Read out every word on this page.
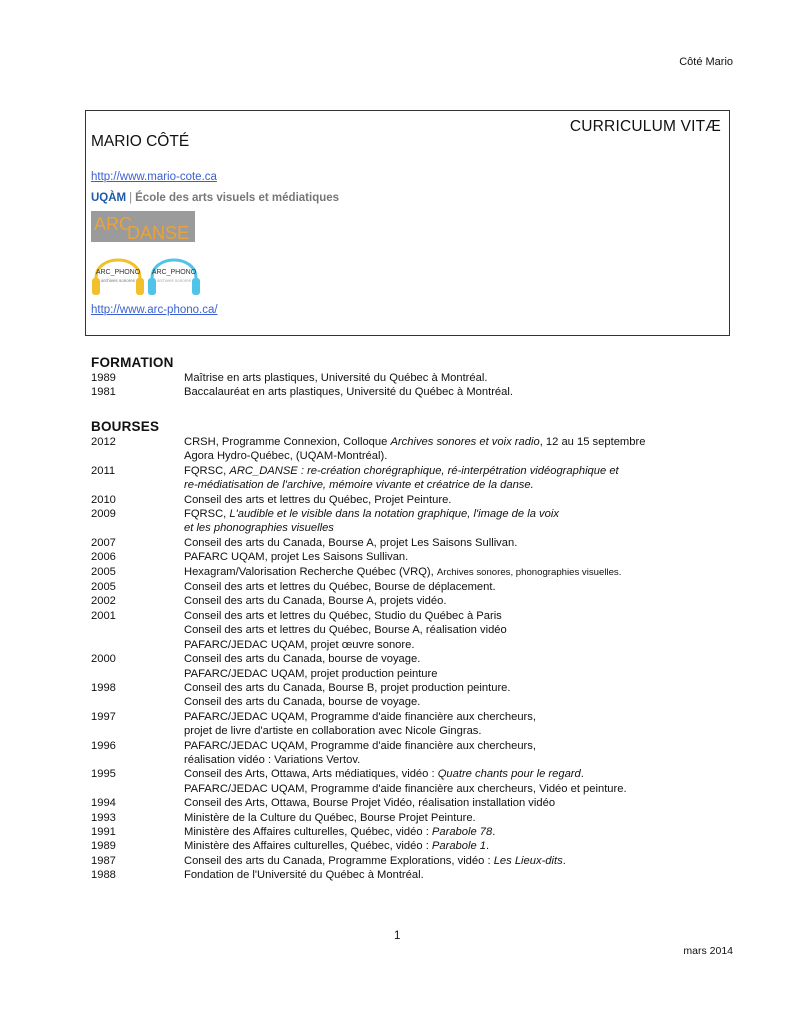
Côté Mario
CURRICULUM VITÆ
MARIO CÔTÉ
http://www.mario-cote.ca
UQÀM | École des arts visuels et médiatiques
ARC
DANSE
ARC_PHONO
archives sonores
ARC_PHONO
archives sonores
http://www.arc-phono.ca/
FORMATION
1989	Maîtrise en arts plastiques, Université du Québec à Montréal.
1981	Baccalauréat en arts plastiques, Université du Québec à Montréal.
BOURSES
2012	CRSH, Programme Connexion, Colloque Archives sonores et voix radio, 12 au 15 septembre
Agora Hydro-Québec, (UQAM-Montréal).
2011	FQRSC, ARC_DANSE : re-création chorégraphique, ré-interpétration vidéographique et
re-médiatisation de l'archive, mémoire vivante et créatrice de la danse.
2010	Conseil des arts et lettres du Québec, Projet Peinture.
2009	FQRSC, L'audible et le visible dans la notation graphique, l'image de la voix
et les phonographies visuelles
2007	Conseil des arts du Canada, Bourse A, projet Les Saisons Sullivan.
2006	PAFARC UQAM, projet Les Saisons Sullivan.
2005	Hexagram/Valorisation Recherche Québec (VRQ), Archives sonores, phonographies visuelles.
2005	Conseil des arts et lettres du Québec, Bourse de déplacement.
2002	Conseil des arts du Canada, Bourse A, projets vidéo.
2001	Conseil des arts et lettres du Québec, Studio du Québec à Paris
Conseil des arts et lettres du Québec, Bourse A, réalisation vidéo
PAFARC/JEDAC UQAM, projet œuvre sonore.
2000	Conseil des arts du Canada, bourse de voyage.
PAFARC/JEDAC UQAM, projet production peinture
1998	Conseil des arts du Canada, Bourse B, projet production peinture.
Conseil des arts du Canada, bourse de voyage.
1997	PAFARC/JEDAC UQAM, Programme d'aide financière aux chercheurs,
projet de livre d'artiste en collaboration avec Nicole Gingras.
1996	PAFARC/JEDAC UQAM, Programme d'aide financière aux chercheurs,
réalisation vidéo : Variations Vertov.
1995	Conseil des Arts, Ottawa, Arts médiatiques, vidéo : Quatre chants pour le regard.
PAFARC/JEDAC UQAM, Programme d'aide financière aux chercheurs, Vidéo et peinture.
1994	Conseil des Arts, Ottawa, Bourse Projet Vidéo, réalisation installation vidéo
1993	Ministère de la Culture du Québec, Bourse Projet Peinture.
1991	Ministère des Affaires culturelles, Québec, vidéo : Parabole 78.
1989	Ministère des Affaires culturelles, Québec, vidéo : Parabole 1.
1987	Conseil des arts du Canada, Programme Explorations, vidéo : Les Lieux-dits.
1988	Fondation de l'Université du Québec à Montréal.
1
mars 2014
